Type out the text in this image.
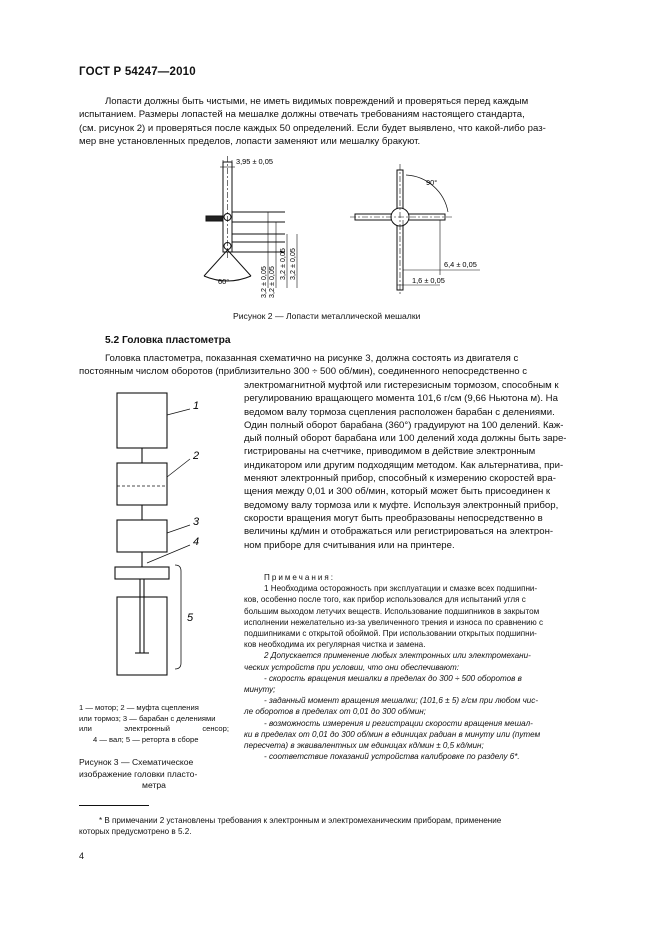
ГОСТ Р 54247—2010
Лопасти должны быть чистыми, не иметь видимых повреждений и проверяться перед каждым
испытанием. Размеры лопастей на мешалке должны отвечать требованиям настоящего стандарта,
(см. рисунок 2) и проверяться после каждых 50 определений. Если будет выявлено, что какой-либо раз-
мер вне установленных пределов, лопасти заменяют или мешалку бракуют.
3,95 ± 0,05
3,2 ± 0,05 3,2 ± 0,05
3,2 ± 0,05 3,2 ± 0,05
60°
90°
6,4 ± 0,05
1,6 ± 0,05
Рисунок 2 — Лопасти металлической мешалки
5.2 Головка пластометра
Головка пластометра, показанная схематично на рисунке 3, должна состоять из двигателя с
постоянным числом оборотов (приблизительно 300 ÷ 500 об/мин), соединенного непосредственно с
электромагнитной муфтой или гистерезисным тормозом, способным к
регулированию вращающего момента 101,6 г/см (9,66 Ньютона м). На
ведомом валу тормоза сцепления расположен барабан с делениями.
Один полный оборот барабана (360°) градуируют на 100 делений. Каж-
дый полный оборот барабана или 100 делений хода должны быть заре-
гистрированы на счетчике, приводимом в действие электронным
индикатором или другим подходящим методом. Как альтернатива, при-
меняют электронный прибор, способный к измерению скоростей вра-
щения между 0,01 и 300 об/мин, который может быть присоединен к
ведомому валу тормоза или к муфте. Используя электронный прибор,
скорости вращения могут быть преобразованы непосредственно в
величины кд/мин и отображаться или регистрироваться на электрон-
ном приборе для считывания или на принтере.
Примечания:
1 Необходима осторожность при эксплуатации и смазке всех подшипни-
ков, особенно после того, как прибор использовался для испытаний угля с
большим выходом летучих веществ. Использование подшипников в закрытом
исполнении нежелательно из-за увеличенного трения и износа по сравнению с
подшипниками с открытой обоймой. При использовании открытых подшипни-
ков необходима их регулярная чистка и замена.
2 Допускается применение любых электронных или электромехани-
ческих устройств при условии, что они обеспечивают:
- скорость вращения мешалки в пределах до 300 ÷ 500 оборотов в
минуту;
- заданный момент вращения мешалки; (101,6 ± 5) г/см при любом чис-
ле оборотов в пределах от 0,01 до 300 об/мин;
- возможность измерения и регистрации скорости вращения мешал-
ки в пределах от 0,01 до 300 об/мин в единицах радиан в минуту или (путем
пересчета) в эквивалентных им единицах кд/мин ± 0,5 кд/мин;
- соответствие показаний устройства калибровке по разделу 6*.
1
2
3
4
5
1 — мотор; 2 — муфта сцепления
или тормоз; 3 — барабан с делениями
или электронный сенсор;
4 — вал; 5 — реторта в сборе
Рисунок 3 — Схематическое
изображение головки пласто-
метра
* В примечании 2 установлены требования к электронным и электромеханическим приборам, применение
которых предусмотрено в 5.2.
4
